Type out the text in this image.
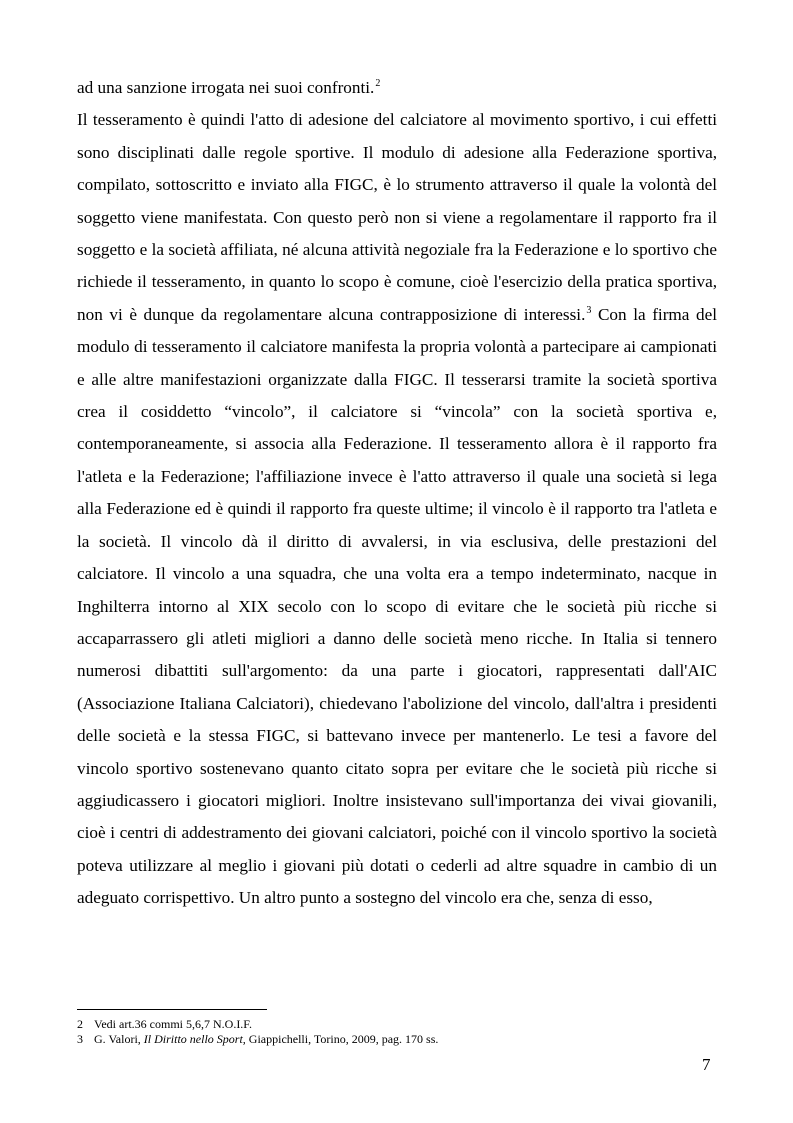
ad una sanzione irrogata nei suoi confronti.$^2$

Il tesseramento è quindi l'atto di adesione del calciatore al movimento sportivo, i cui effetti sono disciplinati dalle regole sportive. Il modulo di adesione alla Federazione sportiva, compilato, sottoscritto e inviato alla FIGC, è lo strumento attraverso il quale la volontà del soggetto viene manifestata. Con questo però non si viene a regolamentare il rapporto fra il soggetto e la società affiliata, né alcuna attività negoziale fra la Federazione e lo sportivo che richiede il tesseramento, in quanto lo scopo è comune, cioè l'esercizio della pratica sportiva, non vi è dunque da regolamentare alcuna contrapposizione di interessi.$^3$ Con la firma del modulo di tesseramento il calciatore manifesta la propria volontà a partecipare ai campionati e alle altre manifestazioni organizzate dalla FIGC. Il tesserarsi tramite la società sportiva crea il cosiddetto “vincolo”, il calciatore si “vincola” con la società sportiva e, contemporaneamente, si associa alla Federazione. Il tesseramento allora è il rapporto fra l'atleta e la Federazione; l'affiliazione invece è l'atto attraverso il quale una società si lega alla Federazione ed è quindi il rapporto fra queste ultime; il vincolo è il rapporto tra l'atleta e la società. Il vincolo dà il diritto di avvalersi, in via esclusiva, delle prestazioni del calciatore. Il vincolo a una squadra, che una volta era a tempo indeterminato, nacque in Inghilterra intorno al XIX secolo con lo scopo di evitare che le società più ricche si accaparrassero gli atleti migliori a danno delle società meno ricche. In Italia si tennero numerosi dibattiti sull'argomento: da una parte i giocatori, rappresentati dall'AIC (Associazione Italiana Calciatori), chiedevano l'abolizione del vincolo, dall'altra i presidenti delle società e la stessa FIGC, si battevano invece per mantenerlo. Le tesi a favore del vincolo sportivo sostenevano quanto citato sopra per evitare che le società più ricche si aggiudicassero i giocatori migliori. Inoltre insistevano sull'importanza dei vivai giovanili, cioè i centri di addestramento dei giovani calciatori, poiché con il vincolo sportivo la società poteva utilizzare al meglio i giovani più dotati o cederli ad altre squadre in cambio di un adeguato corrispettivo. Un altro punto a sostegno del vincolo era che, senza di esso,

2 Vedi art.36 commi 5,6,7 N.O.I.F.
3 G. Valori, Il Diritto nello Sport, Giappichelli, Torino, 2009, pag. 170 ss.
7
